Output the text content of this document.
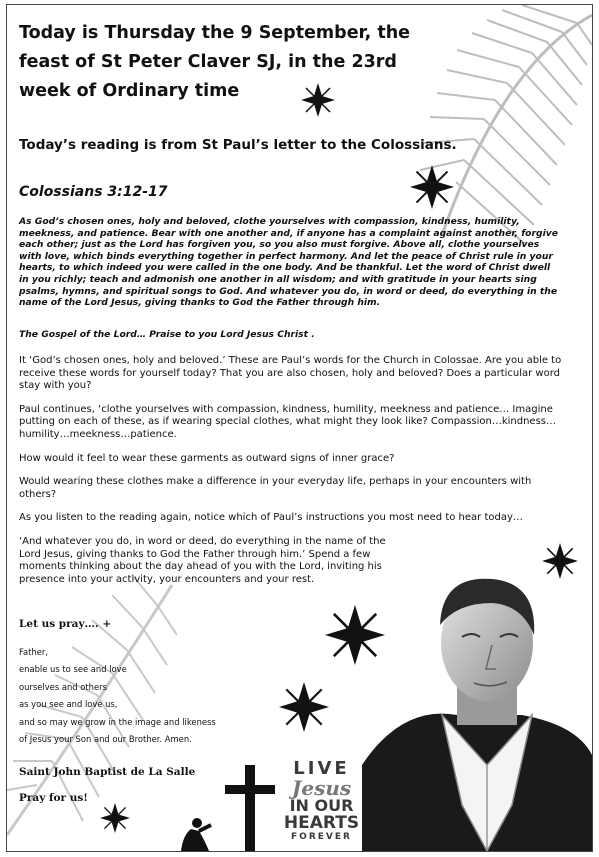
LIVE
Jesus
IN OUR
HEARTS
FOREVER
Today is Thursday the 9 September, the feast of St Peter Claver SJ, in the 23rd week of Ordinary time

Today’s reading is from St Paul’s letter to the Colossians.

Colossians 3:12-17

As God’s chosen ones, holy and beloved, clothe yourselves with compassion, kindness, humility, meekness, and patience. Bear with one another and, if anyone has a complaint against another, forgive each other; just as the Lord has forgiven you, so you also must forgive. Above all, clothe yourselves with love, which binds everything together in perfect harmony. And let the peace of Christ rule in your hearts, to which indeed you were called in the one body. And be thankful. Let the word of Christ dwell in you richly; teach and admonish one another in all wisdom; and with gratitude in your hearts sing psalms, hymns, and spiritual songs to God. And whatever you do, in word or deed, do everything in the name of the Lord Jesus, giving thanks to God the Father through him.

The Gospel of the Lord… Praise to you Lord Jesus Christ .

It ‘God’s chosen ones, holy and beloved.’ These are Paul’s words for the Church in Colossae. Are you able to receive these words for yourself today? That you are also chosen, holy and beloved? Does a particular word stay with you?

Paul continues, ‘clothe yourselves with compassion, kindness, humility, meekness and patience… Imagine putting on each of these, as if wearing special clothes, what might they look like? Compassion…kindness… humility…meekness…patience.

How would it feel to wear these garments as outward signs of inner grace?

Would wearing these clothes make a difference in your everyday life, perhaps in your encounters with others?

As you listen to the reading again, notice which of Paul’s instructions you most need to hear today…

‘And whatever you do, in word or deed, do everything in the name of the Lord Jesus, giving thanks to God the Father through him.’ Spend a few moments thinking about the day ahead of you with the Lord, inviting his presence into your activity, your encounters and your rest.

Let us pray…. +

Father,
enable us to see and love
ourselves and others
as you see and love us,
and so may we grow in the image and likeness
of Jesus your Son and our Brother. Amen.
Saint John Baptist de La Salle
Pray for us!
